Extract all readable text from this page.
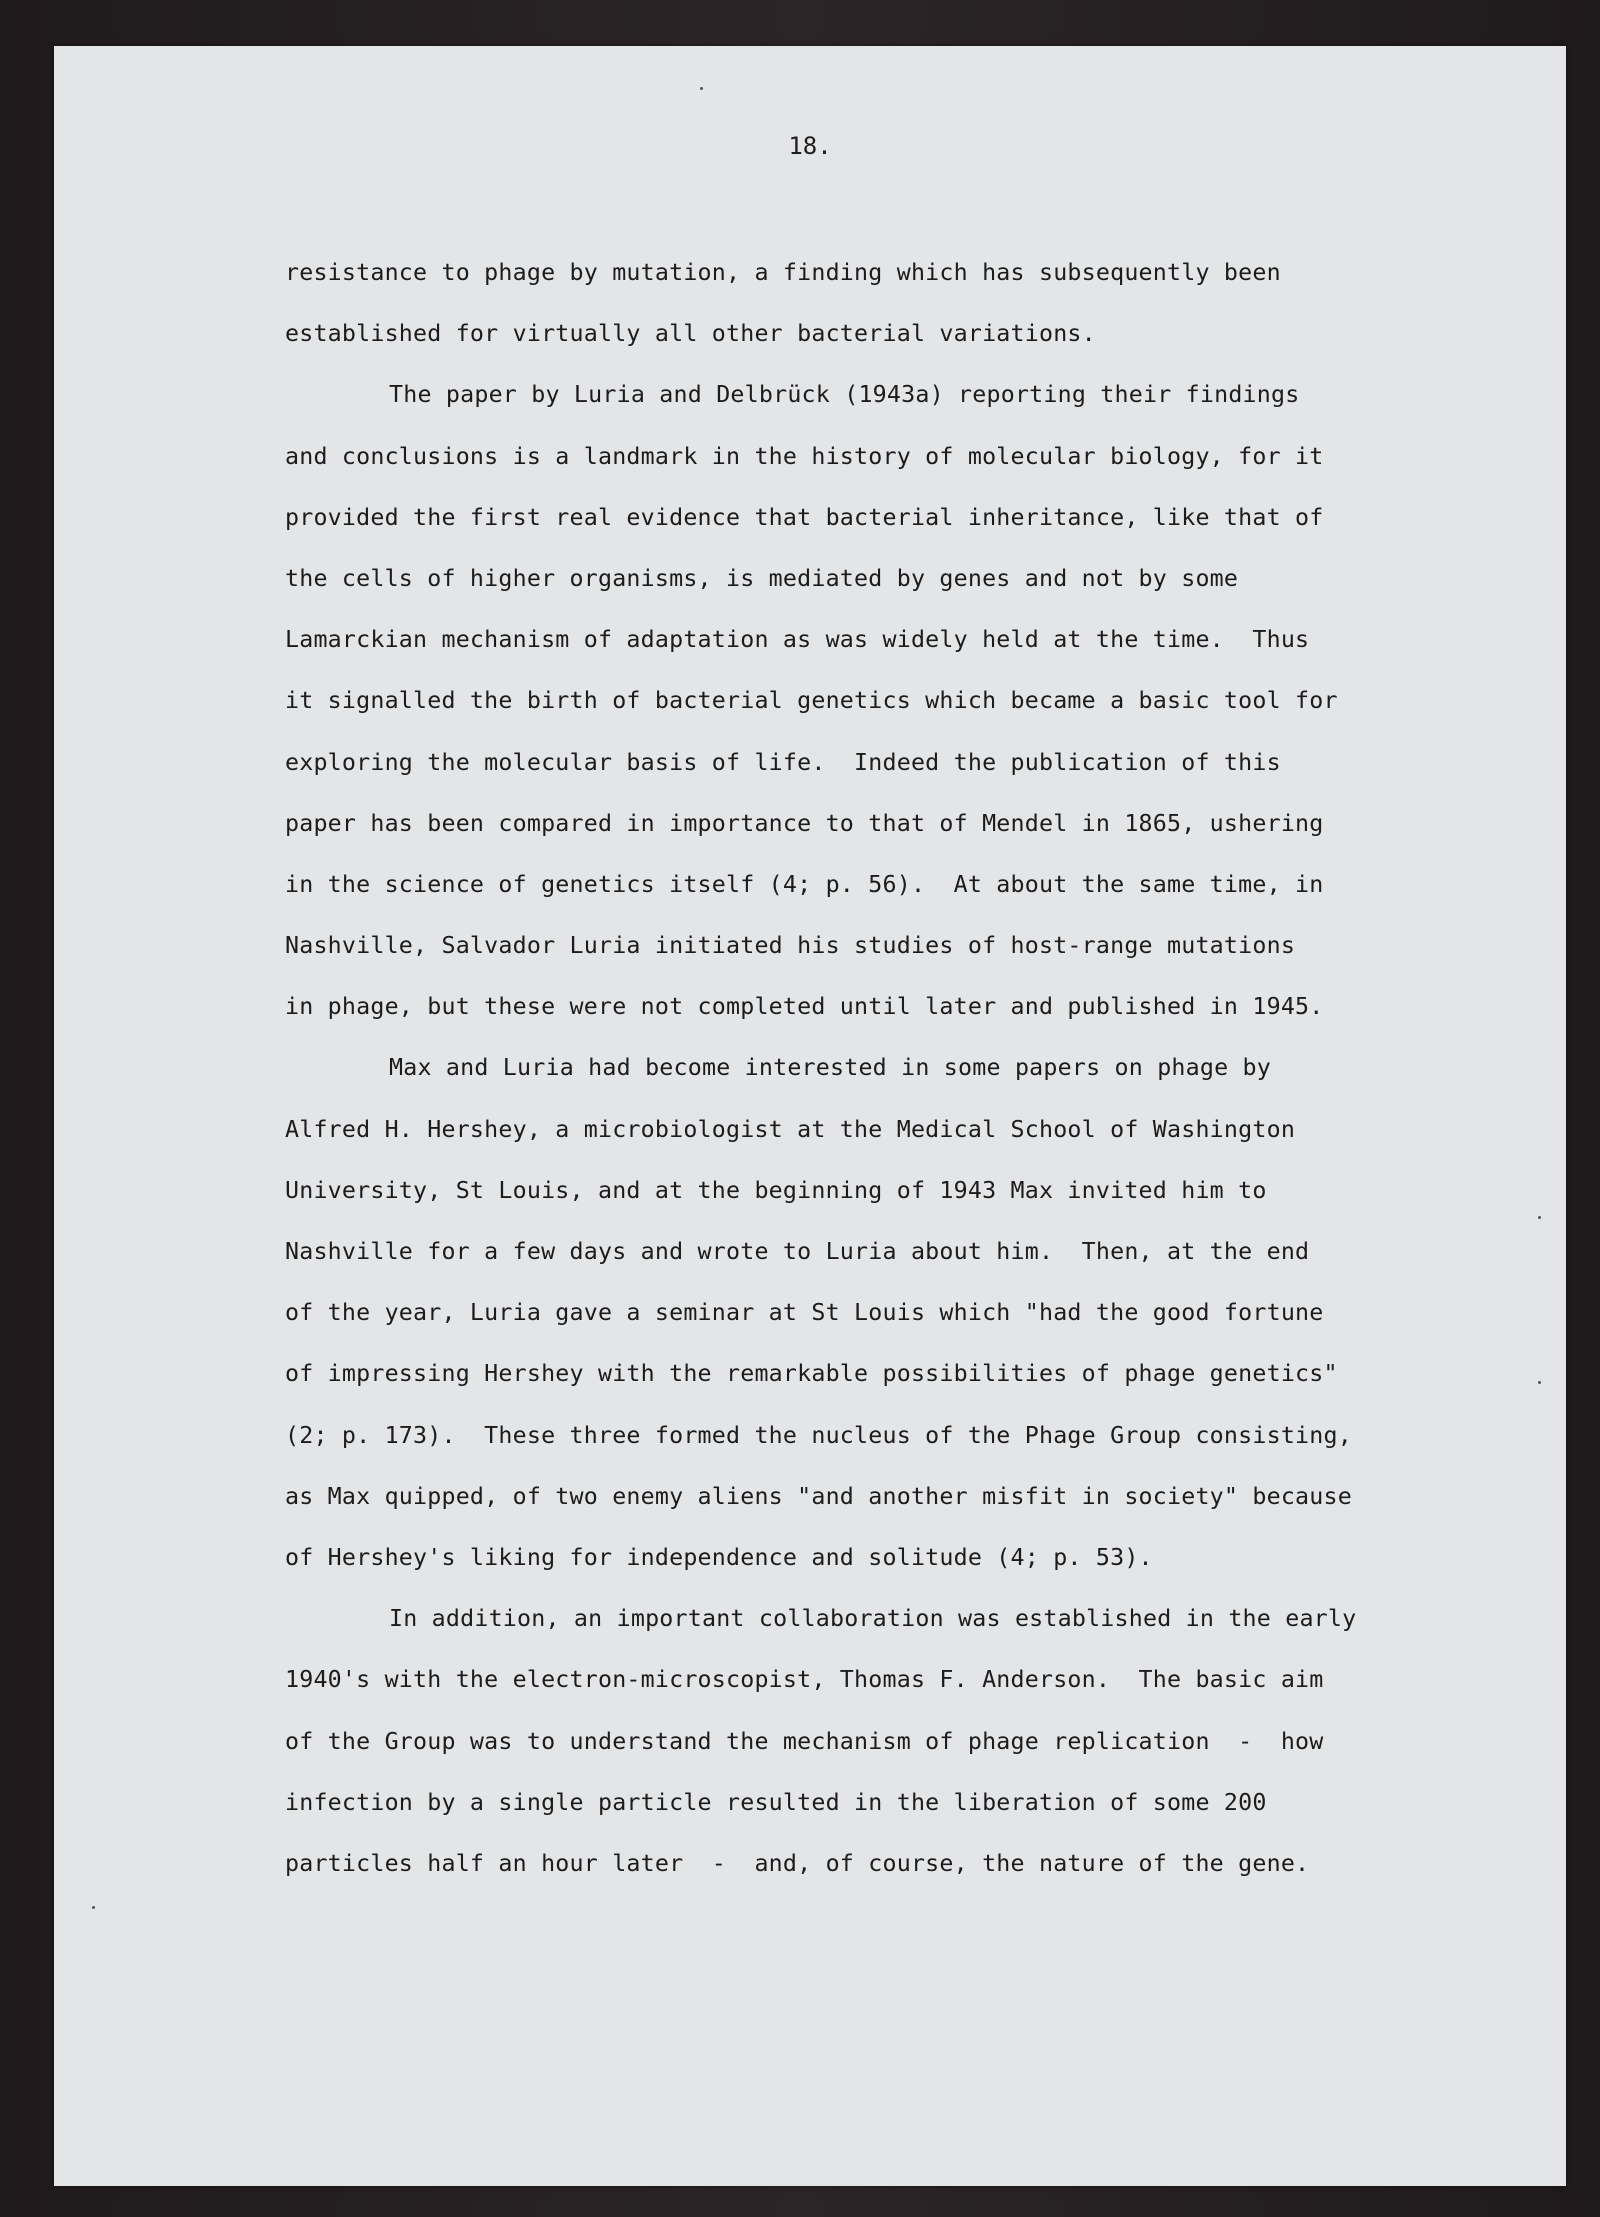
18.
resistance to phage by mutation, a finding which has subsequently been
established for virtually all other bacterial variations.
The paper by Luria and Delbrück (1943a) reporting their findings
and conclusions is a landmark in the history of molecular biology, for it
provided the first real evidence that bacterial inheritance, like that of
the cells of higher organisms, is mediated by genes and not by some
Lamarckian mechanism of adaptation as was widely held at the time.  Thus
it signalled the birth of bacterial genetics which became a basic tool for
exploring the molecular basis of life.  Indeed the publication of this
paper has been compared in importance to that of Mendel in 1865, ushering
in the science of genetics itself (4; p. 56).  At about the same time, in
Nashville, Salvador Luria initiated his studies of host-range mutations
in phage, but these were not completed until later and published in 1945.
Max and Luria had become interested in some papers on phage by
Alfred H. Hershey, a microbiologist at the Medical School of Washington
University, St Louis, and at the beginning of 1943 Max invited him to
Nashville for a few days and wrote to Luria about him.  Then, at the end
of the year, Luria gave a seminar at St Louis which "had the good fortune
of impressing Hershey with the remarkable possibilities of phage genetics"
(2; p. 173).  These three formed the nucleus of the Phage Group consisting,
as Max quipped, of two enemy aliens "and another misfit in society" because
of Hershey's liking for independence and solitude (4; p. 53).
In addition, an important collaboration was established in the early
1940's with the electron-microscopist, Thomas F. Anderson.  The basic aim
of the Group was to understand the mechanism of phage replication  -  how
infection by a single particle resulted in the liberation of some 200
particles half an hour later  -  and, of course, the nature of the gene.
